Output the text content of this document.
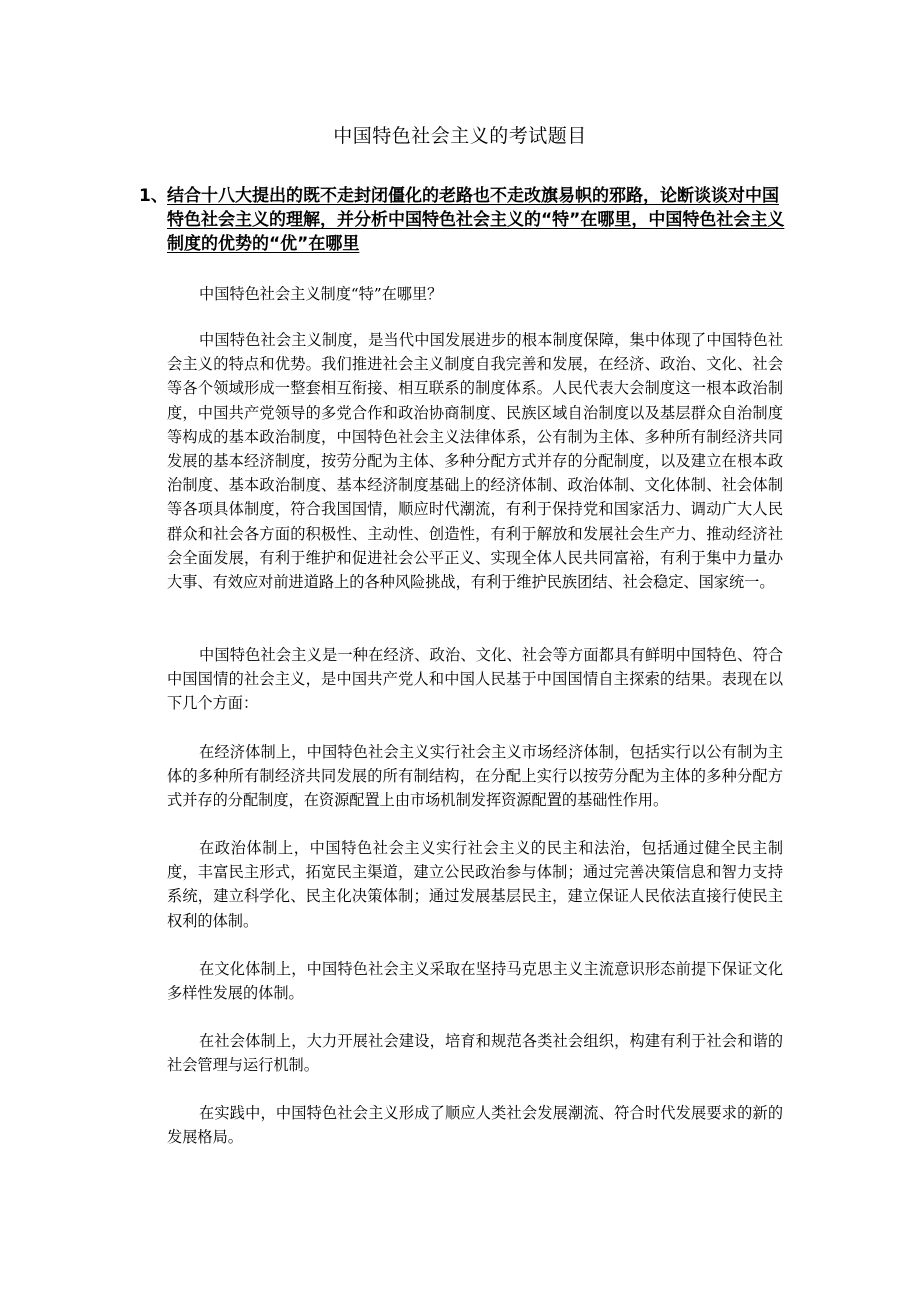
中国特色社会主义的考试题目
1、 结合十八大提出的既不走封闭僵化的老路也不走改旗易帜的邪路，论断谈谈对中国特色社会主义的理解，并分析中国特色社会主义的“特”在哪里，中国特色社会主义制度的优势的“优”在哪里

中国特色社会主义制度“特”在哪里？

中国特色社会主义制度，是当代中国发展进步的根本制度保障，集中体现了中国特色社会主义的特点和优势。我们推进社会主义制度自我完善和发展，在经济、政治、文化、社会等各个领域形成一整套相互衔接、相互联系的制度体系。人民代表大会制度这一根本政治制度，中国共产党领导的多党合作和政治协商制度、民族区域自治制度以及基层群众自治制度等构成的基本政治制度，中国特色社会主义法律体系，公有制为主体、多种所有制经济共同发展的基本经济制度，按劳分配为主体、多种分配方式并存的分配制度，以及建立在根本政治制度、基本政治制度、基本经济制度基础上的经济体制、政治体制、文化体制、社会体制等各项具体制度，符合我国国情，顺应时代潮流，有利于保持党和国家活力、调动广大人民群众和社会各方面的积极性、主动性、创造性，有利于解放和发展社会生产力、推动经济社会全面发展，有利于维护和促进社会公平正义、实现全体人民共同富裕，有利于集中力量办大事、有效应对前进道路上的各种风险挑战，有利于维护民族团结、社会稳定、国家统一。

中国特色社会主义是一种在经济、政治、文化、社会等方面都具有鲜明中国特色、符合中国国情的社会主义，是中国共产党人和中国人民基于中国国情自主探索的结果。表现在以下几个方面：

在经济体制上，中国特色社会主义实行社会主义市场经济体制，包括实行以公有制为主体的多种所有制经济共同发展的所有制结构，在分配上实行以按劳分配为主体的多种分配方式并存的分配制度，在资源配置上由市场机制发挥资源配置的基础性作用。

在政治体制上，中国特色社会主义实行社会主义的民主和法治，包括通过健全民主制度，丰富民主形式，拓宽民主渠道，建立公民政治参与体制；通过完善决策信息和智力支持系统，建立科学化、民主化决策体制；通过发展基层民主，建立保证人民依法直接行使民主权利的体制。

在文化体制上，中国特色社会主义采取在坚持马克思主义主流意识形态前提下保证文化多样性发展的体制。

在社会体制上，大力开展社会建设，培育和规范各类社会组织，构建有利于社会和谐的社会管理与运行机制。

在实践中，中国特色社会主义形成了顺应人类社会发展潮流、符合时代发展要求的新的发展格局。
